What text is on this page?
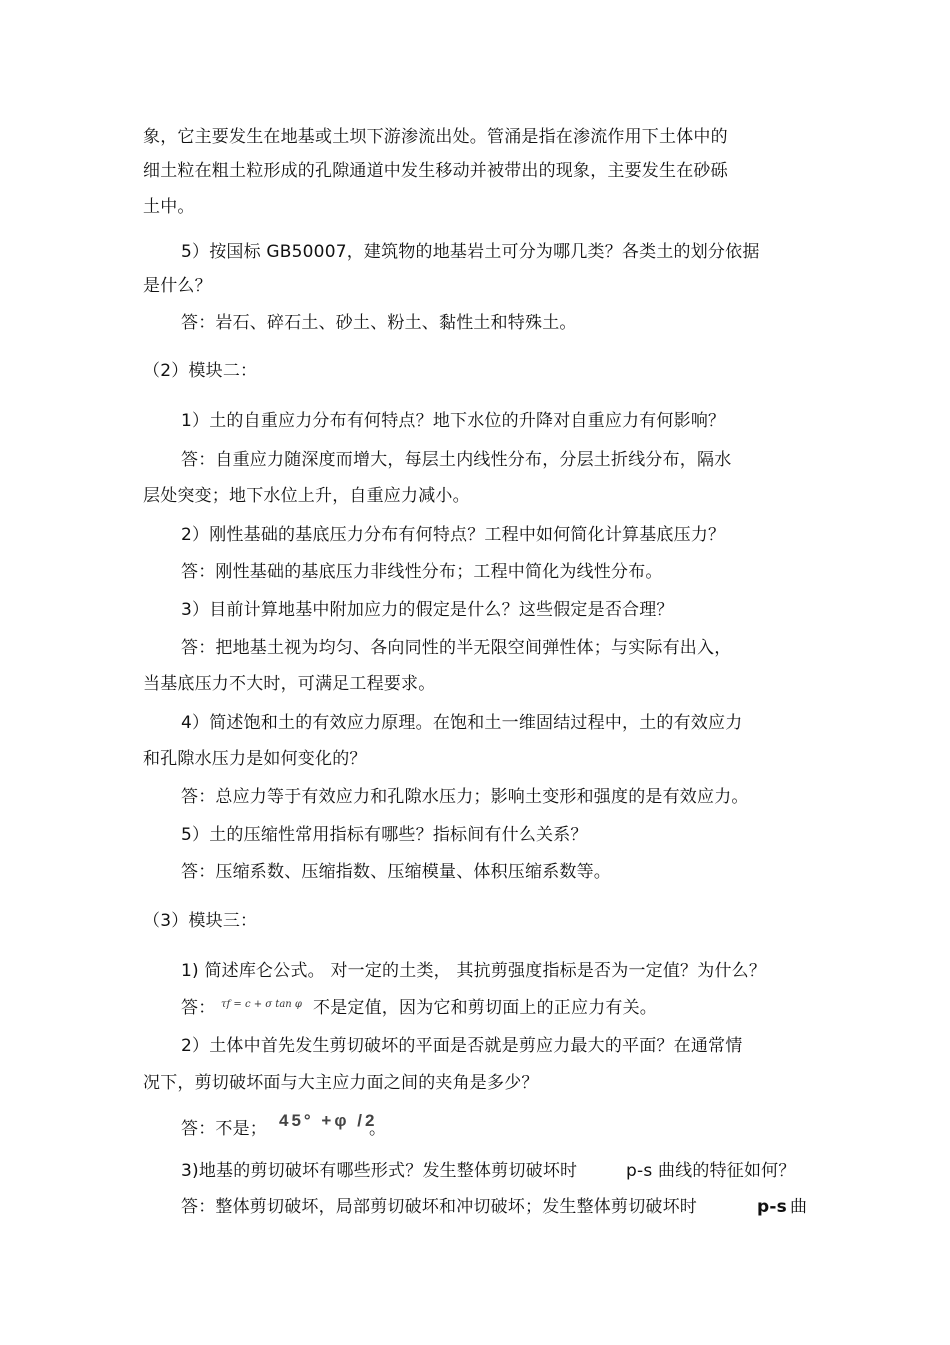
象，它主要发生在地基或土坝下游渗流出处。管涌是指在渗流作用下土体中的
细土粒在粗土粒形成的孔隙通道中发生移动并被带出的现象，主要发生在砂砾
土中。
5）按国标 GB50007，建筑物的地基岩土可分为哪几类？各类土的划分依据
是什么？
答：岩石、碎石土、砂土、粉土、黏性土和特殊土。
（2）模块二：
1）土的自重应力分布有何特点？地下水位的升降对自重应力有何影响？
答：自重应力随深度而增大，每层土内线性分布，分层土折线分布，隔水
层处突变；地下水位上升，自重应力减小。
2）刚性基础的基底压力分布有何特点？工程中如何简化计算基底压力？
答：刚性基础的基底压力非线性分布；工程中简化为线性分布。
3）目前计算地基中附加应力的假定是什么？这些假定是否合理？
答：把地基土视为均匀、各向同性的半无限空间弹性体；与实际有出入，
当基底压力不大时，可满足工程要求。
4）简述饱和土的有效应力原理。在饱和土一维固结过程中，土的有效应力
和孔隙水压力是如何变化的？
答：总应力等于有效应力和孔隙水压力；影响土变形和强度的是有效应力。
5）土的压缩性常用指标有哪些？指标间有什么关系？
答：压缩系数、压缩指数、压缩模量、体积压缩系数等。
（3）模块三：
1) 简述库仑公式。 对一定的土类， 其抗剪强度指标是否为一定值？为什么？
答： τf = c + σ tan φ 不是定值，因为它和剪切面上的正应力有关。
2）土体中首先发生剪切破坏的平面是否就是剪应力最大的平面？在通常情
况下，剪切破坏面与大主应力面之间的夹角是多少？
答：不是； 45° +φ /2
。
3)地基的剪切破坏有哪些形式？发生整体剪切破坏时	p-s 曲线的特征如何？
答：整体剪切破坏，局部剪切破坏和冲切破坏；发生整体剪切破坏时	p-s 曲
